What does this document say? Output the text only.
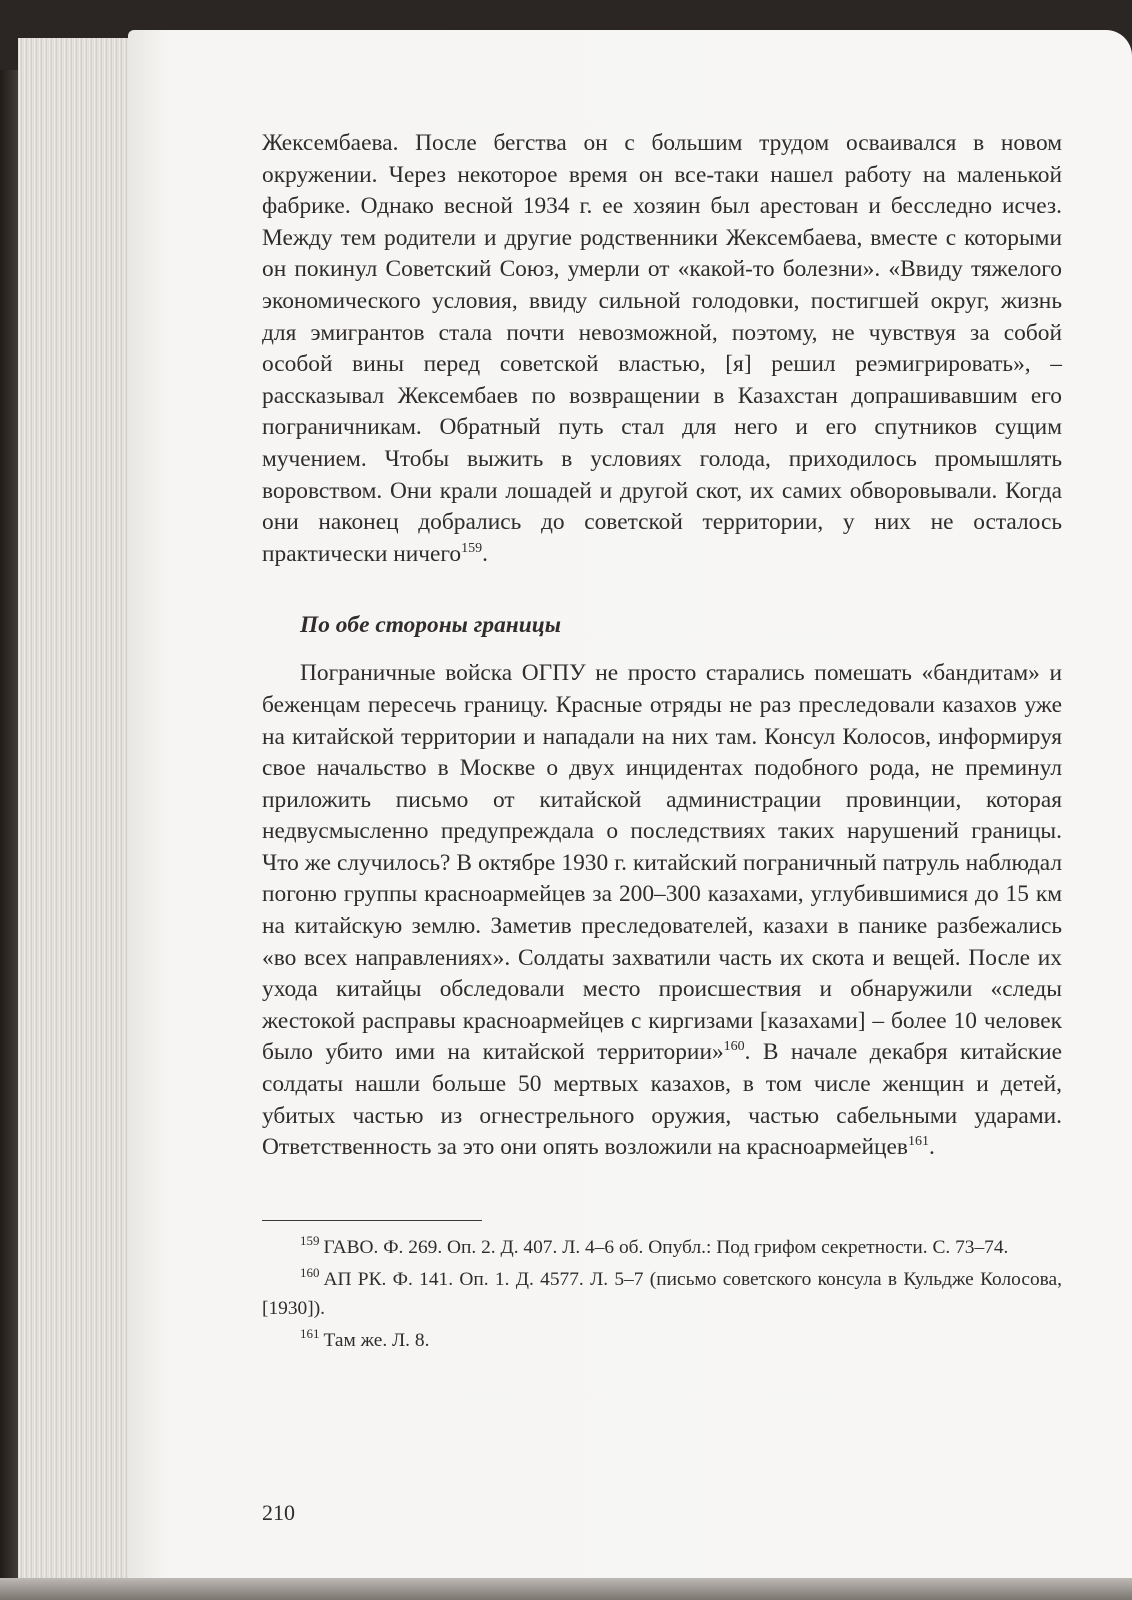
Жексембаева. После бегства он с большим трудом осваивался в новом окружении. Через некоторое время он все-таки нашел работу на маленькой фабрике. Однако весной 1934 г. ее хозяин был арестован и бесследно исчез. Между тем родители и другие родственники Жексембаева, вместе с которыми он покинул Советский Союз, умерли от «какой-то болезни». «Ввиду тяжелого экономического условия, ввиду сильной голодовки, постигшей округ, жизнь для эмигрантов стала почти невозможной, поэтому, не чувствуя за собой особой вины перед советской властью, [я] решил реэмигрировать», – рассказывал Жексембаев по возвращении в Казахстан допрашивавшим его пограничникам. Обратный путь стал для него и его спутников сущим мучением. Чтобы выжить в условиях голода, приходилось промышлять воровством. Они крали лошадей и другой скот, их самих обворовывали. Когда они наконец добрались до советской территории, у них не осталось практически ничего$^{159}$.

По обе стороны границы

Пограничные войска ОГПУ не просто старались помешать «бандитам» и беженцам пересечь границу. Красные отряды не раз преследовали казахов уже на китайской территории и нападали на них там. Консул Колосов, информируя свое начальство в Москве о двух инцидентах подобного рода, не преминул приложить письмо от китайской администрации провинции, которая недвусмысленно предупреждала о последствиях таких нарушений границы. Что же случилось? В октябре 1930 г. китайский пограничный патруль наблюдал погоню группы красноармейцев за 200–300 казахами, углубившимися до 15 км на китайскую землю. Заметив преследователей, казахи в панике разбежались «во всех направлениях». Солдаты захватили часть их скота и вещей. После их ухода китайцы обследовали место происшествия и обнаружили «следы жестокой расправы красноармейцев с киргизами [казахами] – более 10 человек было убито ими на китайской территории»$^{160}$. В начале декабря китайские солдаты нашли больше 50 мертвых казахов, в том числе женщин и детей, убитых частью из огнестрельного оружия, частью сабельными ударами. Ответственность за это они опять возложили на красноармейцев$^{161}$.

$^{159}$ ГАВО. Ф. 269. Оп. 2. Д. 407. Л. 4–6 об. Опубл.: Под грифом секретности. С. 73–74.

$^{160}$ АП РК. Ф. 141. Оп. 1. Д. 4577. Л. 5–7 (письмо советского консула в Кульдже Колосова, [1930]).

$^{161}$ Там же. Л. 8.

210
